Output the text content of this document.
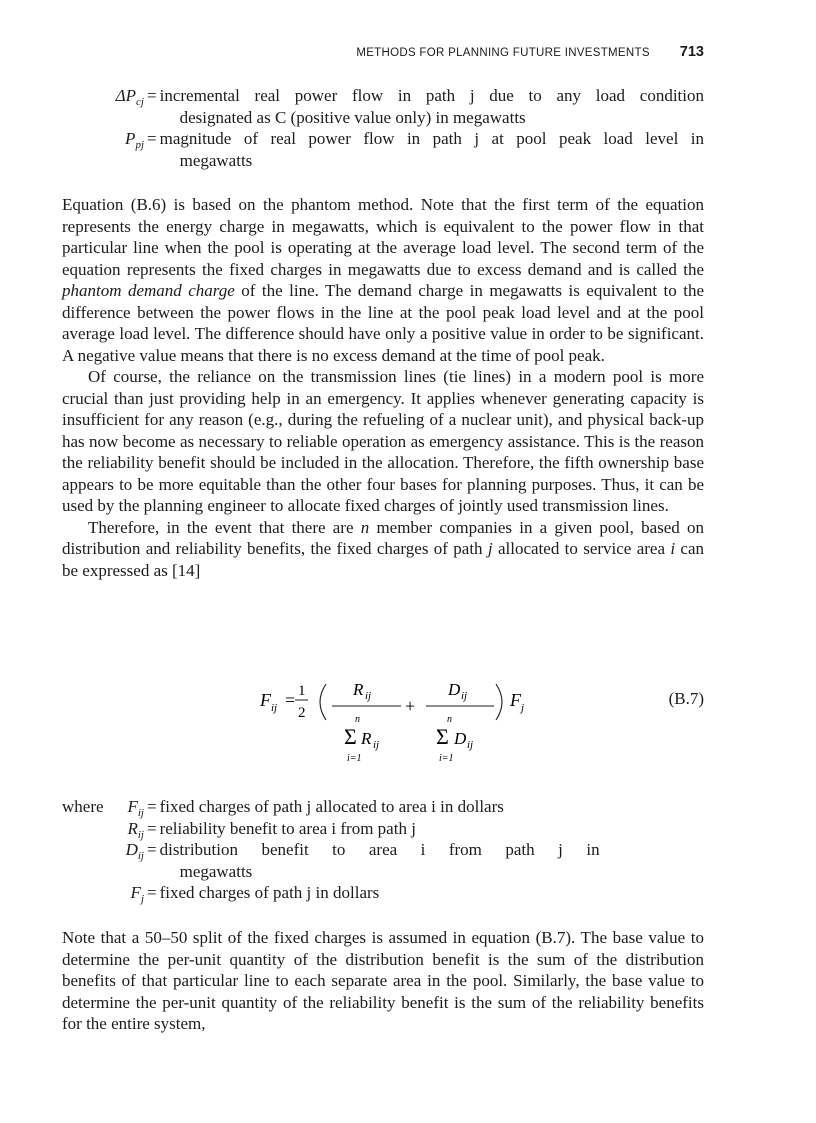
METHODS FOR PLANNING FUTURE INVESTMENTS 713
$\Delta P_{cj}$ = incremental real power flow in path j due to any load condition
designated as C (positive value only) in megawatts
$P_{pj}$ = magnitude of real power flow in path j at pool peak load level in
megawatts

Equation (B.6) is based on the phantom method. Note that the first term of the equation represents the energy charge in megawatts, which is equivalent to the power flow in that particular line when the pool is operating at the average load level. The second term of the equation represents the fixed charges in megawatts due to excess demand and is called the phantom demand charge of the line. The demand charge in megawatts is equivalent to the difference between the power flows in the line at the pool peak load level and at the pool average load level. The difference should have only a positive value in order to be significant. A negative value means that there is no excess demand at the time of pool peak.

Of course, the reliance on the transmission lines (tie lines) in a modern pool is more crucial than just providing help in an emergency. It applies whenever generating capacity is insufficient for any reason (e.g., during the refueling of a nuclear unit), and physical back-up has now become as necessary to reliable operation as emergency assistance. This is the reason the reliability benefit should be included in the allocation. Therefore, the fifth ownership base appears to be more equitable than the other four bases for planning purposes. Thus, it can be used by the planning engineer to allocate fixed charges of jointly used transmission lines.

Therefore, in the event that there are n member companies in a given pool, based on distribution and reliability benefits, the fixed charges of path j allocated to service area i can be expressed as [14]

F ij = 1
2
R ij
n
Σ R ij
i=1
+
D ij
n
Σ D ij
i=1
F j	(B.7)
where	$F_{ij}$ = fixed charges of path j allocated to area i in dollars
$R_{ij}$ = reliability benefit to area i from path j
$D_{ij}$ = distribution benefit to area i from path j in
megawatts
$F_j$ = fixed charges of path j in dollars

Note that a 50–50 split of the fixed charges is assumed in equation (B.7). The base value to determine the per-unit quantity of the distribution benefit is the sum of the distribution benefits of that particular line to each separate area in the pool. Similarly, the base value to determine the per-unit quantity of the reliability benefit is the sum of the reliability benefits for the entire system,
